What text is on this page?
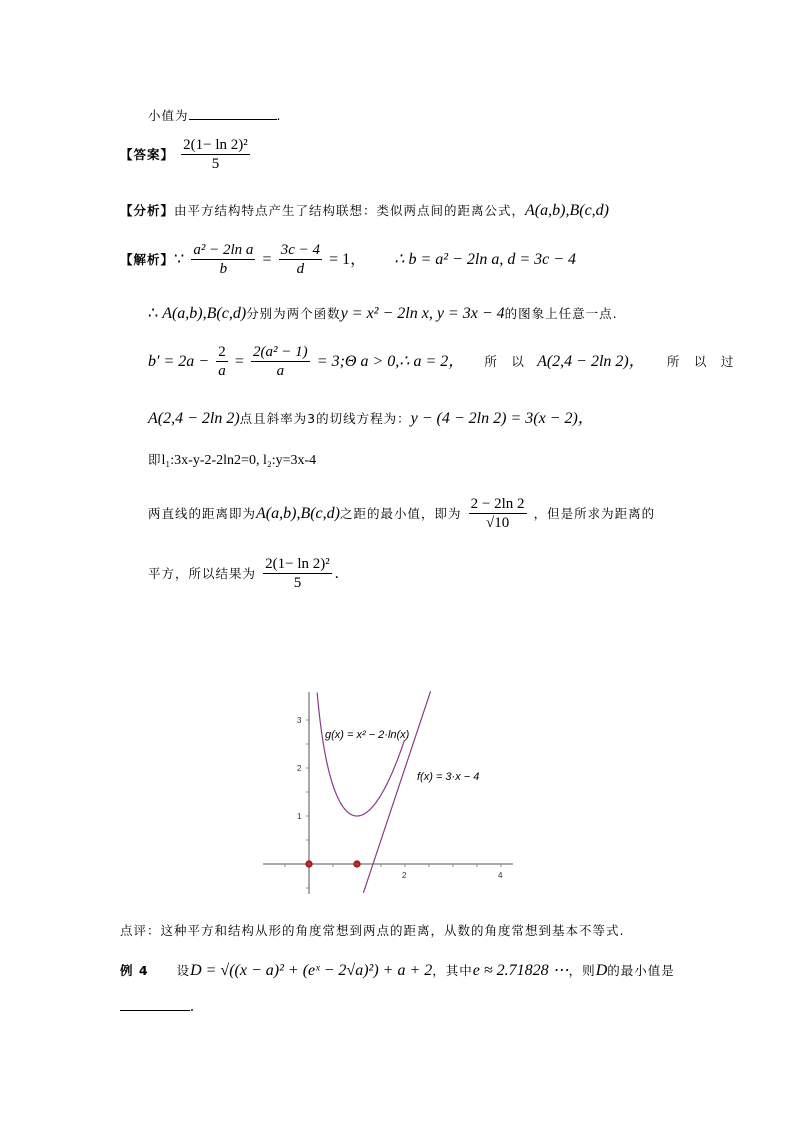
小值为	.
【答案】 $\frac{\text{2(1− ln 2)²}}{5}$
【分析】由平方结构特点产生了结构联想：类似两点间的距离公式，A(a,b),B(c,d)
【解析】∵ $\frac{\text{a² − 2ln a}}{b} = \frac{3c - 4}{d} = 1$， ∴ b = a² − 2ln a, d = 3c − 4
∴ A(a,b),B(c,d)分别为两个函数y = x² − 2ln x, y = 3x − 4的图象上任意一点.
$b' = 2a - \frac{2}{a} = \frac{\text{2(a² − 1)}}{a}$ = 3;Θ a > 0,∴ a = 2， 所　以 A(2,4 − 2ln 2)， 所　以　过
A(2,4 − 2ln 2)点且斜率为3的切线方程为：y − (4 − 2ln 2) = 3(x − 2)，
即l₁:3x-y-2-2ln2=0, l₂:y=3x-4
两直线的距离即为A(a,b),B(c,d)之距的最小值，即为 $\frac{2 - 2\ln 2}{√10}$ ，但是所求为距离的
平方，所以结果为 $\frac{\text{2(1− ln 2)²}}{5}$ .
2	4
1
2
3
g(x) = x² − 2·ln(x)
f(x) = 3·x − 4
点评：这种平方和结构从形的角度常想到两点的距离，从数的角度常想到基本不等式.
例 4 设D = √((x − a)² + (eˣ − 2√a)²) + a + 2，其中e ≈ 2.71828 ⋯，则D的最小值是
.
